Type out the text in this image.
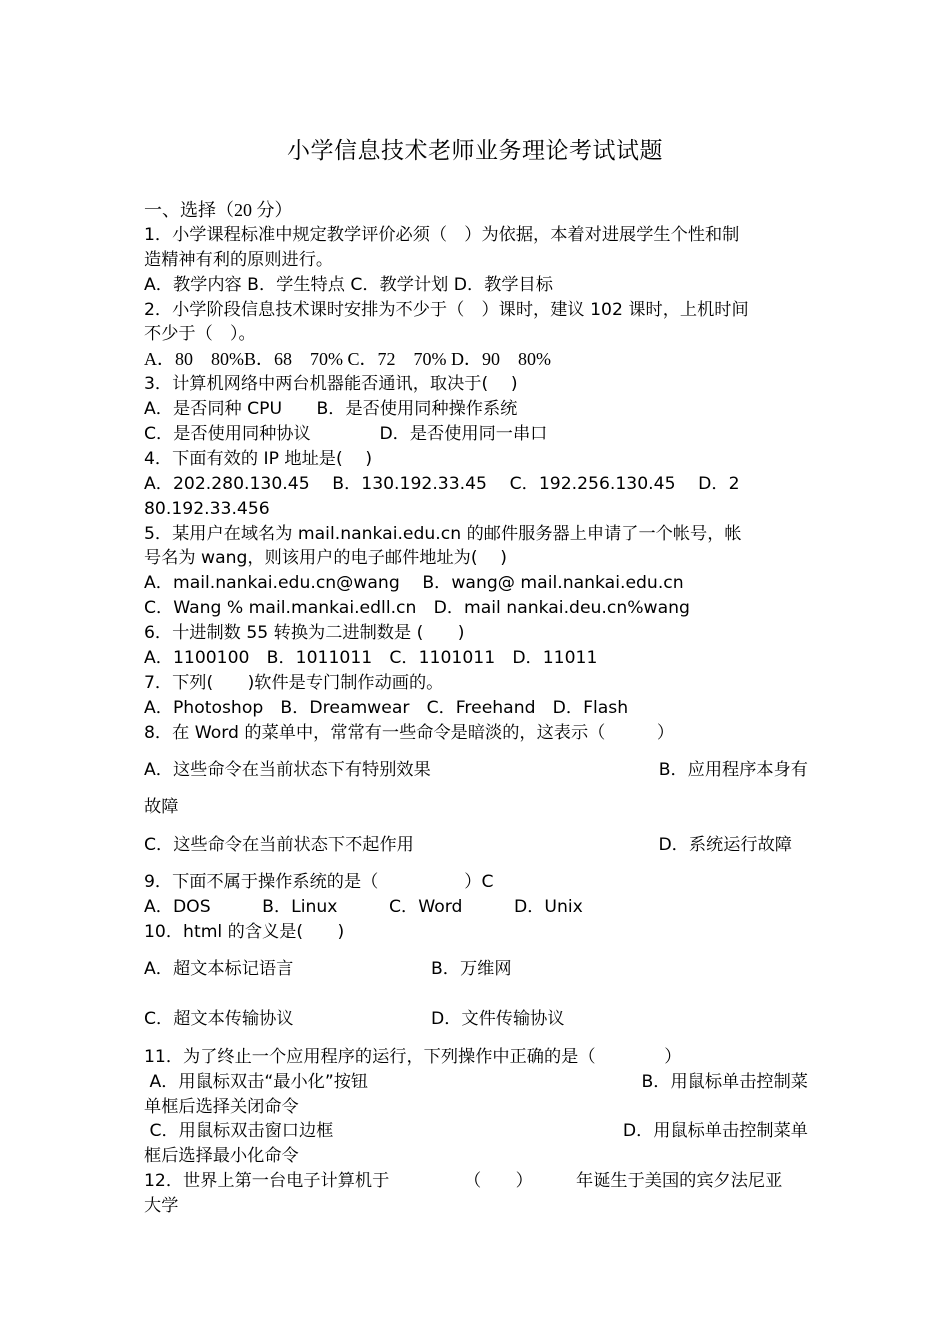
小学信息技术老师业务理论考试试题
一、选择（20 分）
1．小学课程标准中规定教学评价必须（　）为依据，本着对进展学生个性和制
造精神有利的原则进行。
A．教学内容 B．学生特点 C．教学计划 D．教学目标
2．小学阶段信息技术课时安排为不少于（　）课时，建议 102 课时，上机时间
不少于（　）。
A．80　80%B．68　70% C．72　70% D．90　80%
3．计算机网络中两台机器能否通讯，取决于(　 )
A．是否同种 CPU　　B．是否使用同种操作系统
C．是否使用同种协议　　　　D．是否使用同一串口
4．下面有效的 IP 地址是(　 )
A．202.280.130.45　 B．130.192.33.45　 C．192.256.130.45　 D．2
80.192.33.456
5．某用户在域名为 mail.nankai.edu.cn 的邮件服务器上申请了一个帐号，帐
号名为 wang，则该用户的电子邮件地址为(　 )
A．mail.nankai.edu.cn@wang　 B．wang@ mail.nankai.edu.cn
C．Wang % mail.mankai.edll.cn　D．mail nankai.deu.cn%wang
6．十进制数 55 转换为二进制数是 (　　)
A．1100100　B．1011011　C．1101011　D．11011
7．下列(　　)软件是专门制作动画的。
A．Photoshop　B．Dreamwear　C．Freehand　D．Flash
8．在 Word 的菜单中，常常有一些命令是暗淡的，这表示（　　　）
A．这些命令在当前状态下有特别效果	B．应用程序本身有
故障
C．这些命令在当前状态下不起作用	D．系统运行故障
9．下面不属于操作系统的是（　　　　　）C
A．DOS　　　B．Linux　　　C．Word　　　D．Unix
10．html 的含义是(　　)
A．超文本标记语言	B．万维网
C．超文本传输协议	D．文件传输协议
11．为了终止一个应用程序的运行，下列操作中正确的是（　　　　）
A．用鼠标双击“最小化”按钮	B．用鼠标单击控制菜
单框后选择关闭命令
C．用鼠标双击窗口边框	D．用鼠标单击控制菜单
框后选择最小化命令
12．世界上第一台电子计算机于	（　　）	年诞生于美国的宾夕法尼亚
大学
